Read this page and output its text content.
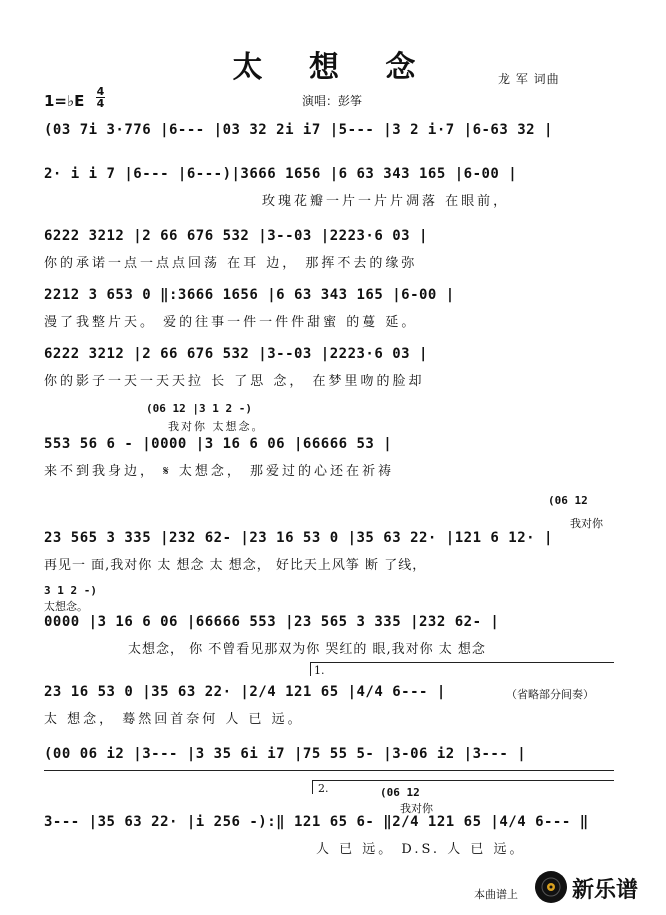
太 想 念	龙 军 词曲
1=♭E
4
4	演唱：彭筝
(03 7i 3·776 |6--- |03 32 2i i7 |5--- |3 2 i·7 |6-63 32 |
2· i i 7 |6--- |6---)|3666 1656 |6 63 343 165 |6-00 |
玫瑰花瓣一片一片片凋落 在眼前，
6222 3212 |2 66 676 532 |3--03 |2223·6 03 |
你的承诺一点一点点回荡 在耳 边， 那挥不去的缘弥
2212 3 653 0 ‖:3666 1656 |6 63 343 165 |6-00 |
漫了我整片天。 爱的往事一件一件件甜蜜 的蔓 延。
6222 3212 |2 66 676 532 |3--03 |2223·6 03 |
你的影子一天一天天拉 长 了思 念， 在梦里吻的脸却
(06 12 |3 1 2 -)
我对你 太想念。
553 56 6 - |0000 |3 16 6 06 |66666 53 |
来不到我身边， 𝄋 太想念， 那爱过的心还在祈祷
(06 12
我对你
23 565 3 335 |232 62- |23 16 53 0 |35 63 22· |121 6 12· |
再见一 面,我对你 太 想念 太 想念， 好比天上风筝 断 了线，
3 1 2 -)
太想念。
0000 |3 16 6 06 |66666 553 |23 565 3 335 |232 62- |
太想念， 你 不曾看见那双为你 哭红的 眼,我对你 太 想念
1.
23 16 53 0 |35 63 22· |2/4 121 65 |4/4 6--- |	（省略部分间奏）
太 想念， 蓦然回首奈何 人 已 远。
(00 06 i2 |3--- |3 35 6i i7 |75 55 5- |3-06 i2 |3--- |
2.	(06 12
我对你
3--- |35 63 22· |i 256 -):‖ 121 65 6- ‖2/4 121 65 |4/4 6--- ‖
人 已 远。 D.S. 人 已 远。
本曲谱上 新乐谱
